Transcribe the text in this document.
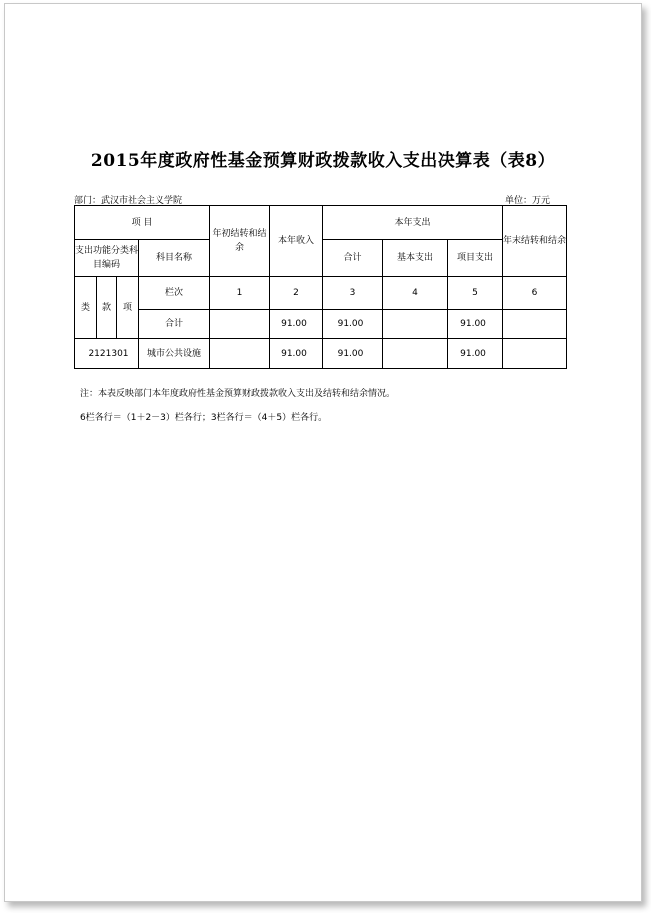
2015年度政府性基金预算财政拨款收入支出决算表（表8）
部门：武汉市社会主义学院	单位：万元
项 目				年初结转和结余	本年收入	本年支出			年末结转和结余
支出功能分类科目编码			科目名称			合计	基本支出	项目支出	
类	款	项	栏次	1	2	3	4	5	6
			合计		91.00	91.00		91.00	
2121301			城市公共设施		91.00	91.00		91.00	
注：本表反映部门本年度政府性基金预算财政拨款收入支出及结转和结余情况。
6栏各行＝（1＋2－3）栏各行；3栏各行＝（4＋5）栏各行。
